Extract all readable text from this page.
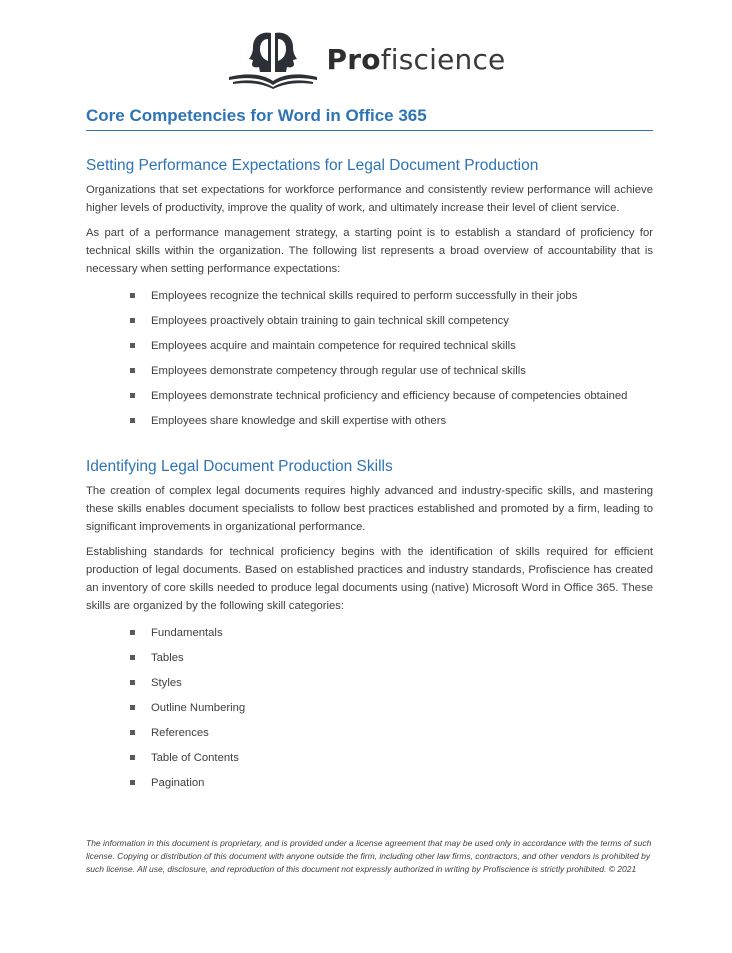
Profiscience
Core Competencies for Word in Office 365
Setting Performance Expectations for Legal Document Production

Organizations that set expectations for workforce performance and consistently review performance will achieve higher levels of productivity, improve the quality of work, and ultimately increase their level of client service.

As part of a performance management strategy, a starting point is to establish a standard of proficiency for technical skills within the organization. The following list represents a broad overview of accountability that is necessary when setting performance expectations:

Employees recognize the technical skills required to perform successfully in their jobs
Employees proactively obtain training to gain technical skill competency
Employees acquire and maintain competence for required technical skills
Employees demonstrate competency through regular use of technical skills
Employees demonstrate technical proficiency and efficiency because of competencies obtained
Employees share knowledge and skill expertise with others
Identifying Legal Document Production Skills

The creation of complex legal documents requires highly advanced and industry-specific skills, and mastering these skills enables document specialists to follow best practices established and promoted by a firm, leading to significant improvements in organizational performance.

Establishing standards for technical proficiency begins with the identification of skills required for efficient production of legal documents. Based on established practices and industry standards, Profiscience has created an inventory of core skills needed to produce legal documents using (native) Microsoft Word in Office 365. These skills are organized by the following skill categories:

Fundamentals
Tables
Styles
Outline Numbering
References
Table of Contents
Pagination
The information in this document is proprietary, and is provided under a license agreement that may be used only in accordance with the terms of such license. Copying or distribution of this document with anyone outside the firm, including other law firms, contractors, and other vendors is prohibited by such license. All use, disclosure, and reproduction of this document not expressly authorized in writing by Profiscience is strictly prohibited. © 2021
